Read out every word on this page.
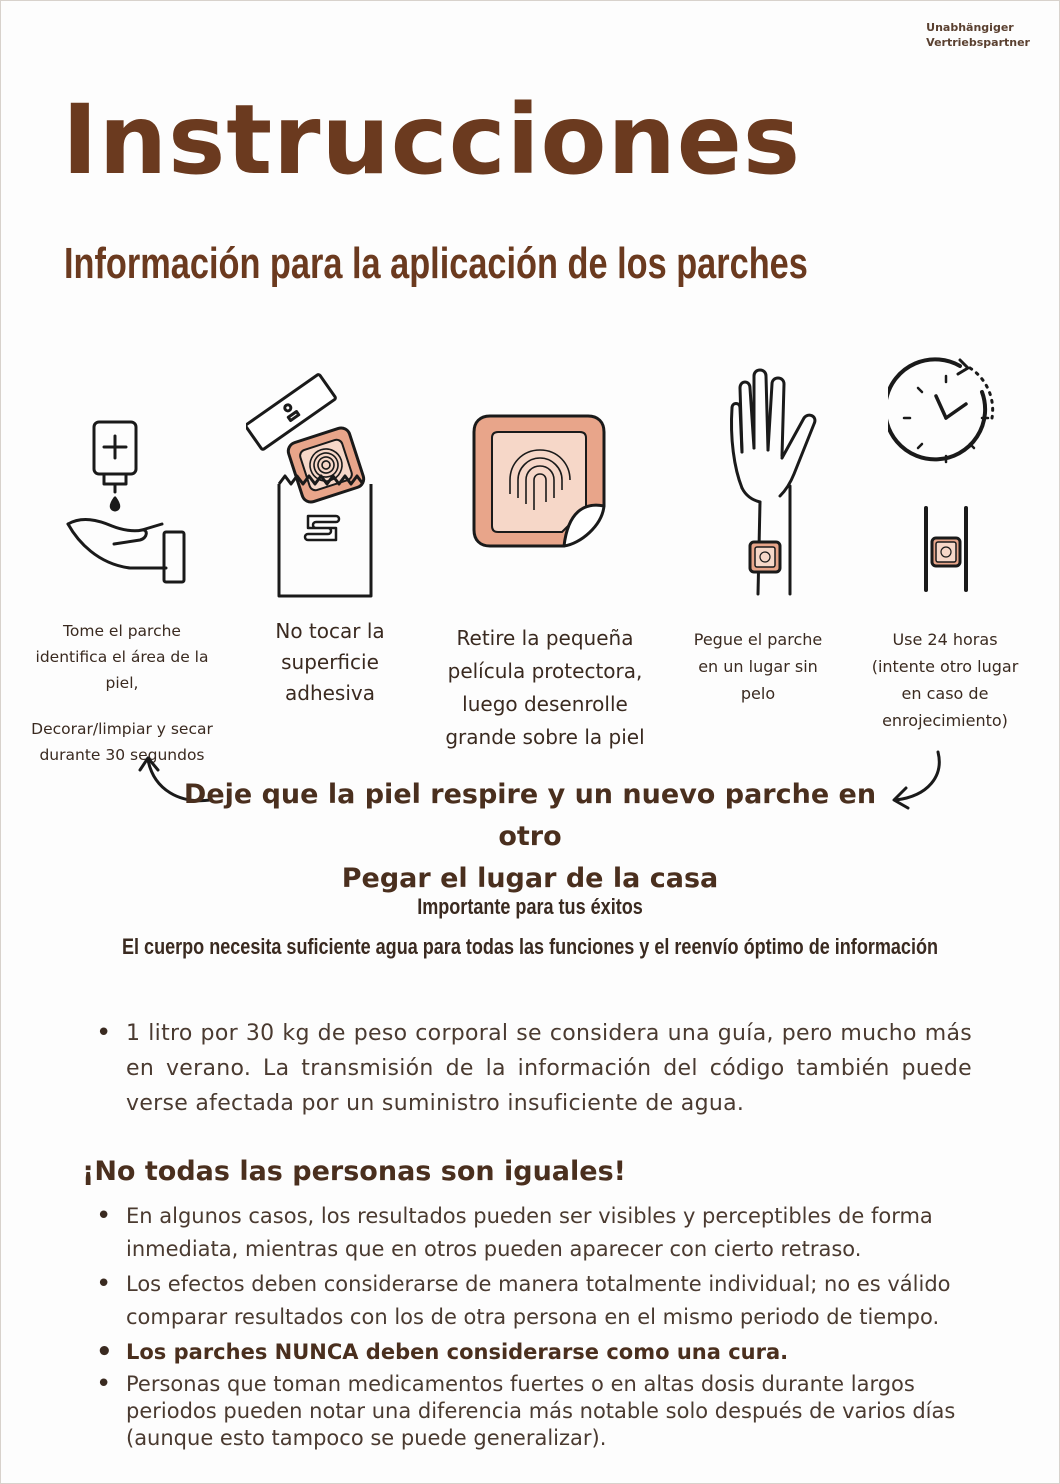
Unabhängiger
Vertriebspartner
Instrucciones
Información para la aplicación de los parches
Tome el parche
identifica el área de la piel,
Decorar/limpiar y secar
durante 30 segundos
No tocar la
superficie
adhesiva
Retire la pequeña
película protectora,
luego desenrolle
grande sobre la piel
Pegue el parche
en un lugar sin
pelo
Use 24 horas
(intente otro lugar
en caso de
enrojecimiento)
Deje que la piel respire y un nuevo parche en otro
Pegar el lugar de la casa
Importante para tus éxitos
El cuerpo necesita suficiente agua para todas las funciones y el reenvío óptimo de información
• 1 litro por 30 kg de peso corporal se considera una guía, pero mucho más en verano. La transmisión de la información del código también puede verse afectada por un suministro insuficiente de agua.
¡No todas las personas son iguales!
• En algunos casos, los resultados pueden ser visibles y perceptibles de forma inmediata, mientras que en otros pueden aparecer con cierto retraso.
• Los efectos deben considerarse de manera totalmente individual; no es válido comparar resultados con los de otra persona en el mismo periodo de tiempo.
• Los parches NUNCA deben considerarse como una cura.
• Personas que toman medicamentos fuertes o en altas dosis durante largos periodos pueden notar una diferencia más notable solo después de varios días (aunque esto tampoco se puede generalizar).
